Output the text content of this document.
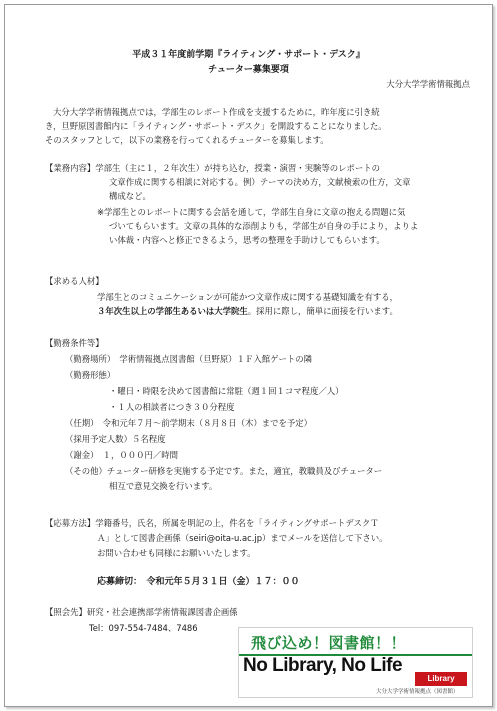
平成３１年度前学期『ライティング・サポート・デスク』
チューター募集要項
大分大学学術情報拠点
大分大学学術情報拠点では，学部生のレポート作成を支援するために，昨年度に引き続
き，旦野原図書館内に「ライティング・サポート・デスク」を開設することになりました。
そのスタッフとして，以下の業務を行ってくれるチューターを募集します。
【業務内容】学部生（主に１，２年次生）が持ち込む，授業・演習・実験等のレポートの
文章作成に関する相談に対応する。例）テーマの決め方，文献検索の仕方，文章
構成など。
※学部生とのレポートに関する会話を通して，学部生自身に文章の抱える問題に気
づいてもらいます。文章の具体的な添削よりも，学部生が自身の手により，よりよ
い体裁・内容へと修正できるよう，思考の整理を手助けしてもらいます。
【求める人材】
学部生とのコミュニケーションが可能かつ文章作成に関する基礎知識を有する，
３年次生以上の学部生あるいは大学院生。採用に際し，簡単に面接を行います。
【勤務条件等】
（勤務場所）　学術情報拠点図書館（旦野原）１Ｆ入館ゲートの隣
（勤務形態）
・曜日・時限を決めて図書館に常駐（週１回１コマ程度／人）
・１人の相談者につき３０分程度
（任期）　令和元年７月～前学期末（８月８日（木）までを予定）
（採用予定人数）５名程度
（謝金）　１，０００円／時間
（その他）チューター研修を実施する予定です。また，適宜，教職員及びチューター
相互で意見交換を行います。
【応募方法】学籍番号，氏名，所属を明記の上，件名を「ライティングサポートデスクＴ
Ａ」として図書企画係（seiri@oita-u.ac.jp）までメールを送信して下さい。
お問い合わせも同様にお願いいたします。
応募締切：　令和元年５月３１日（金）１７：００
【照会先】研究・社会連携部学術情報課図書企画係
Tel：097-554-7484、7486
飛び込め！図書館！！
No Library, No Life
Library
大分大学学術情報拠点（図書館）
